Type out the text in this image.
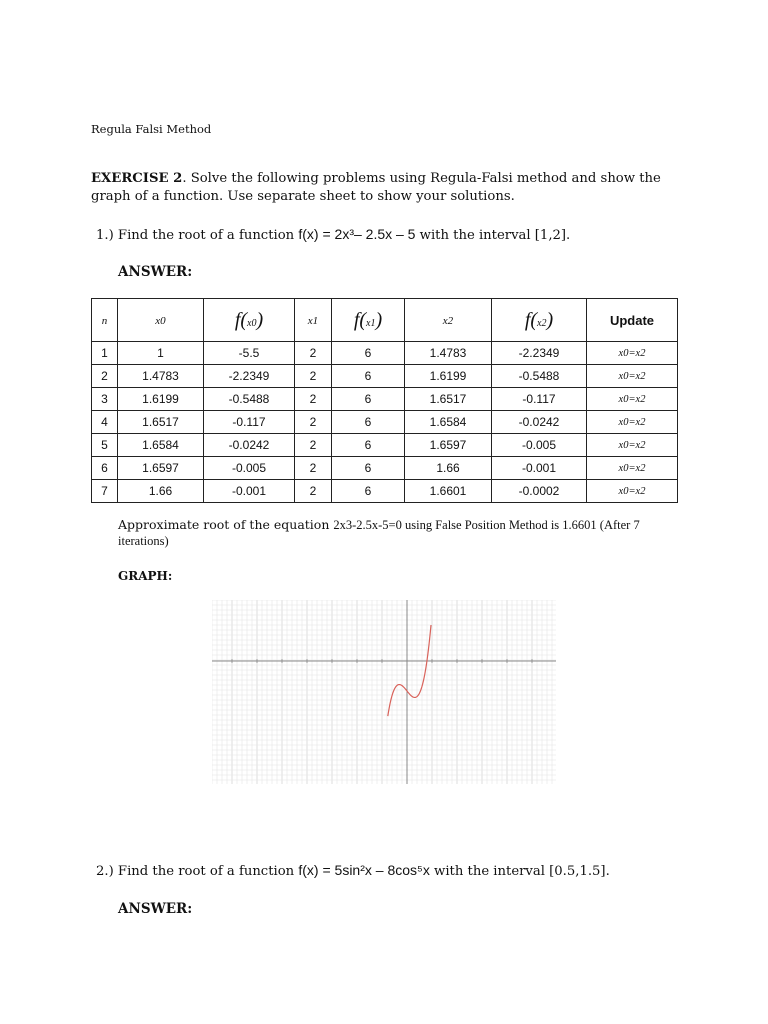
Regula Falsi Method
EXERCISE 2. Solve the following problems using Regula-Falsi method and show the graph of a function. Use separate sheet to show your solutions.
1.) Find the root of a function f(x) = 2x³– 2.5x – 5 with the interval [1,2].
ANSWER:
n	x0	f(x0)	x1	f(x1)	x2	f(x2)	Update
1	1	-5.5	2	6	1.4783	-2.2349	x0=x2
2	1.4783	-2.2349	2	6	1.6199	-0.5488	x0=x2
3	1.6199	-0.5488	2	6	1.6517	-0.117	x0=x2
4	1.6517	-0.117	2	6	1.6584	-0.0242	x0=x2
5	1.6584	-0.0242	2	6	1.6597	-0.005	x0=x2
6	1.6597	-0.005	2	6	1.66	-0.001	x0=x2
7	1.66	-0.001	2	6	1.6601	-0.0002	x0=x2
Approximate root of the equation 2x3-2.5x-5=0 using False Position Method is 1.6601 (After 7 iterations)
GRAPH:
2.) Find the root of a function f(x) = 5sin²x – 8cos⁵x with the interval [0.5,1.5].
ANSWER:
